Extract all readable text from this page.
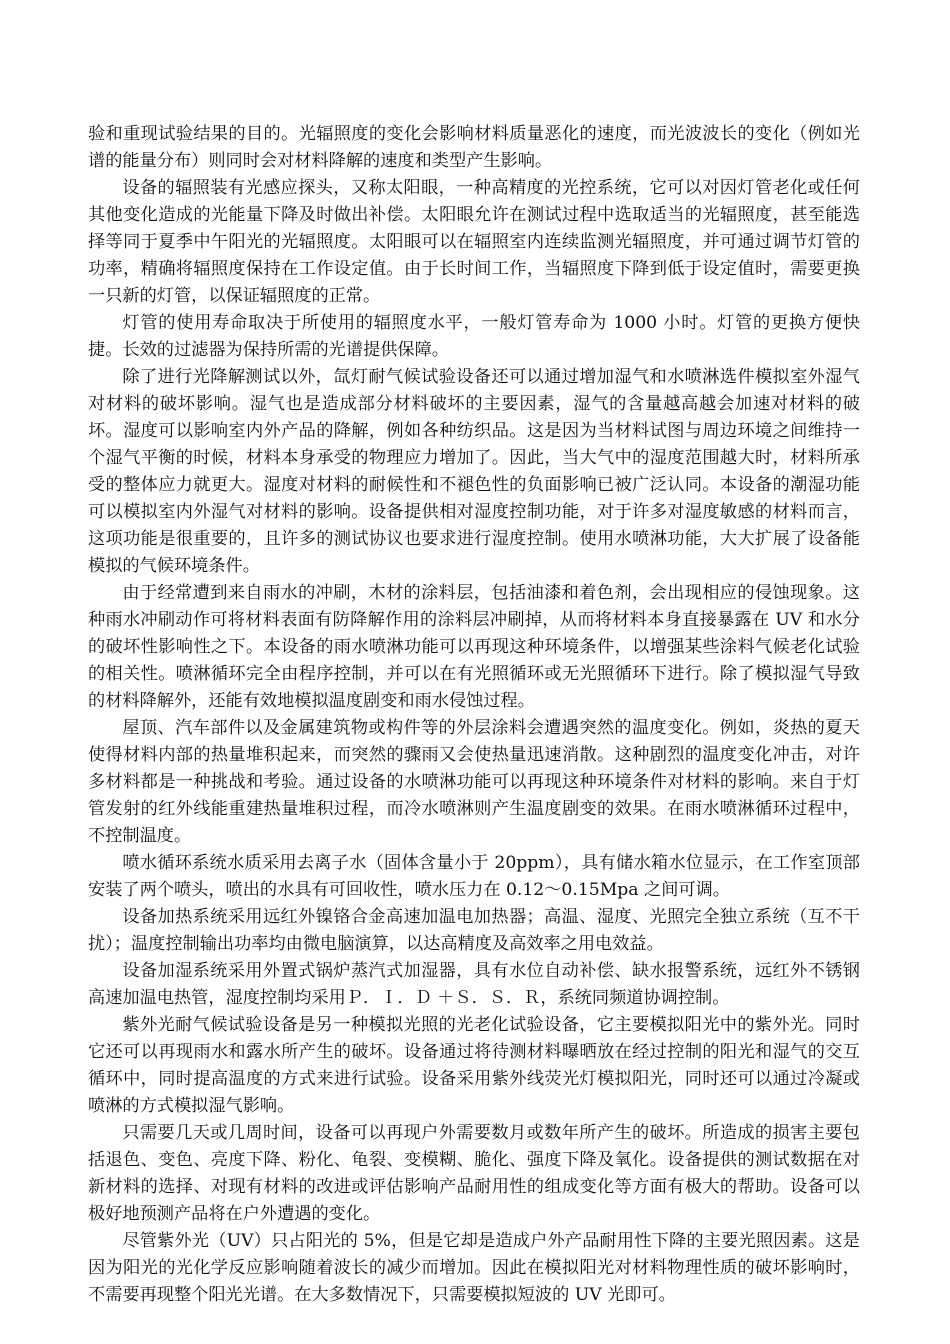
验和重现试验结果的目的。光辐照度的变化会影响材料质量恶化的速度，而光波波长的变化（例如光谱的能量分布）则同时会对材料降解的速度和类型产生影响。

设备的辐照装有光感应探头，又称太阳眼，一种高精度的光控系统，它可以对因灯管老化或任何其他变化造成的光能量下降及时做出补偿。太阳眼允许在测试过程中选取适当的光辐照度，甚至能选择等同于夏季中午阳光的光辐照度。太阳眼可以在辐照室内连续监测光辐照度，并可通过调节灯管的功率，精确将辐照度保持在工作设定值。由于长时间工作，当辐照度下降到低于设定值时，需要更换一只新的灯管，以保证辐照度的正常。

灯管的使用寿命取决于所使用的辐照度水平，一般灯管寿命为 1000 小时。灯管的更换方便快捷。长效的过滤器为保持所需的光谱提供保障。

除了进行光降解测试以外，氙灯耐气候试验设备还可以通过增加湿气和水喷淋选件模拟室外湿气对材料的破坏影响。湿气也是造成部分材料破坏的主要因素，湿气的含量越高越会加速对材料的破坏。湿度可以影响室内外产品的降解，例如各种纺织品。这是因为当材料试图与周边环境之间维持一个湿气平衡的时候，材料本身承受的物理应力增加了。因此，当大气中的湿度范围越大时，材料所承受的整体应力就更大。湿度对材料的耐候性和不褪色性的负面影响已被广泛认同。本设备的潮湿功能可以模拟室内外湿气对材料的影响。设备提供相对湿度控制功能，对于许多对湿度敏感的材料而言，这项功能是很重要的，且许多的测试协议也要求进行湿度控制。使用水喷淋功能，大大扩展了设备能模拟的气候环境条件。

由于经常遭到来自雨水的冲刷，木材的涂料层，包括油漆和着色剂，会出现相应的侵蚀现象。这种雨水冲刷动作可将材料表面有防降解作用的涂料层冲刷掉，从而将材料本身直接暴露在 UV 和水分的破坏性影响性之下。本设备的雨水喷淋功能可以再现这种环境条件，以增强某些涂料气候老化试验的相关性。喷淋循环完全由程序控制，并可以在有光照循环或无光照循环下进行。除了模拟湿气导致的材料降解外，还能有效地模拟温度剧变和雨水侵蚀过程。

屋顶、汽车部件以及金属建筑物或构件等的外层涂料会遭遇突然的温度变化。例如，炎热的夏天使得材料内部的热量堆积起来，而突然的骤雨又会使热量迅速消散。这种剧烈的温度变化冲击，对许多材料都是一种挑战和考验。通过设备的水喷淋功能可以再现这种环境条件对材料的影响。来自于灯管发射的红外线能重建热量堆积过程，而冷水喷淋则产生温度剧变的效果。在雨水喷淋循环过程中，不控制温度。

喷水循环系统水质采用去离子水（固体含量小于 20ppm），具有储水箱水位显示，在工作室顶部安装了两个喷头，喷出的水具有可回收性，喷水压力在 0.12～0.15Mpa 之间可调。

设备加热系统采用远红外镍铬合金高速加温电加热器；高温、湿度、光照完全独立系统（互不干扰）；温度控制输出功率均由微电脑演算，以达高精度及高效率之用电效益。

设备加湿系统采用外置式锅炉蒸汽式加湿器，具有水位自动补偿、缺水报警系统，远红外不锈钢高速加温电热管，湿度控制均采用Ｐ．Ｉ．Ｄ ＋Ｓ．Ｓ．Ｒ，系统同频道协调控制。

紫外光耐气候试验设备是另一种模拟光照的光老化试验设备，它主要模拟阳光中的紫外光。同时它还可以再现雨水和露水所产生的破坏。设备通过将待测材料曝晒放在经过控制的阳光和湿气的交互循环中，同时提高温度的方式来进行试验。设备采用紫外线荧光灯模拟阳光，同时还可以通过冷凝或喷淋的方式模拟湿气影响。

只需要几天或几周时间，设备可以再现户外需要数月或数年所产生的破坏。所造成的损害主要包括退色、变色、亮度下降、粉化、龟裂、变模糊、脆化、强度下降及氧化。设备提供的测试数据在对新材料的选择、对现有材料的改进或评估影响产品耐用性的组成变化等方面有极大的帮助。设备可以极好地预测产品将在户外遭遇的变化。

尽管紫外光（UV）只占阳光的 5%，但是它却是造成户外产品耐用性下降的主要光照因素。这是因为阳光的光化学反应影响随着波长的减少而增加。因此在模拟阳光对材料物理性质的破坏影响时，不需要再现整个阳光光谱。在大多数情况下，只需要模拟短波的 UV 光即可。
